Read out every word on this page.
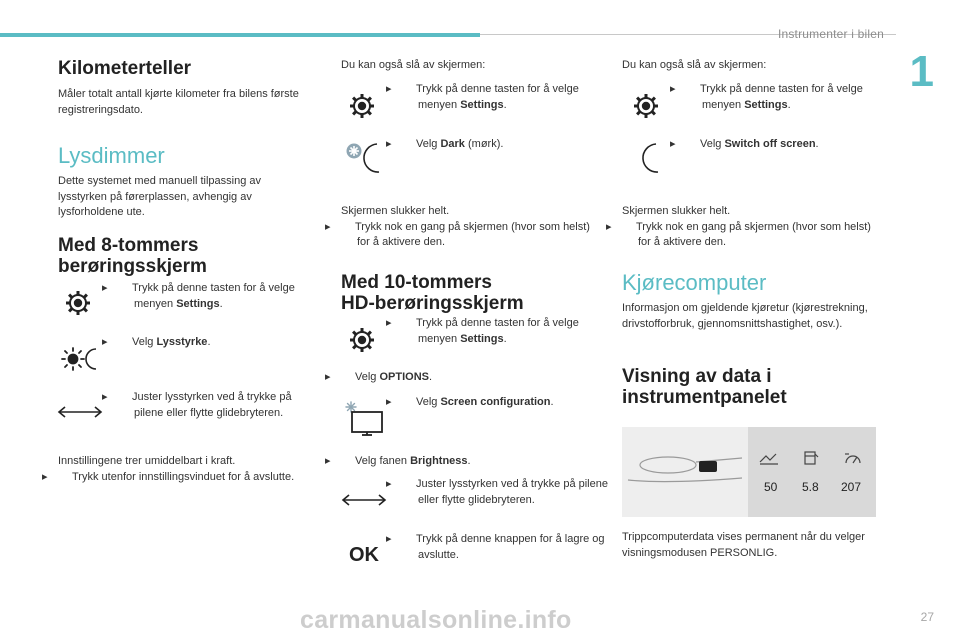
Instrumenter i bilen
1
Kilometerteller
Måler totalt antall kjørte kilometer fra bilens første registreringsdato.
Lysdimmer
Dette systemet med manuell tilpassing av lysstyrken på førerplassen, avhengig av lysforholdene ute.
Med 8-tommers
berøringsskjerm
▸ Trykk på denne tasten for å velge menyen Settings.
▸ Velg Lysstyrke.
▸ Juster lysstyrken ved å trykke på pilene eller flytte glidebryteren.
Innstillingene trer umiddelbart i kraft.
▸ Trykk utenfor innstillingsvinduet for å avslutte.
Du kan også slå av skjermen:
▸ Trykk på denne tasten for å velge menyen Settings.
▸ Velg Dark (mørk).
Skjermen slukker helt.
▸ Trykk nok en gang på skjermen (hvor som helst) for å aktivere den.
Med 10-tommers
HD-berøringsskjerm
▸ Trykk på denne tasten for å velge menyen Settings.
▸ Velg OPTIONS.
▸ Velg Screen configuration.
▸ Velg fanen Brightness.
▸ Juster lysstyrken ved å trykke på pilene eller flytte glidebryteren.
OK
▸ Trykk på denne knappen for å lagre og avslutte.
Du kan også slå av skjermen:
▸ Trykk på denne tasten for å velge menyen Settings.
▸ Velg Switch off screen.
Skjermen slukker helt.
▸ Trykk nok en gang på skjermen (hvor som helst) for å aktivere den.
Kjørecomputer
Informasjon om gjeldende kjøretur (kjørestrekning, drivstofforbruk, gjennomsnittshastighet, osv.).
Visning av data i
instrumentpanelet
50 5.8 207
Trippcomputerdata vises permanent når du velger visningsmodusen PERSONLIG.
carmanualsonline.info	27
